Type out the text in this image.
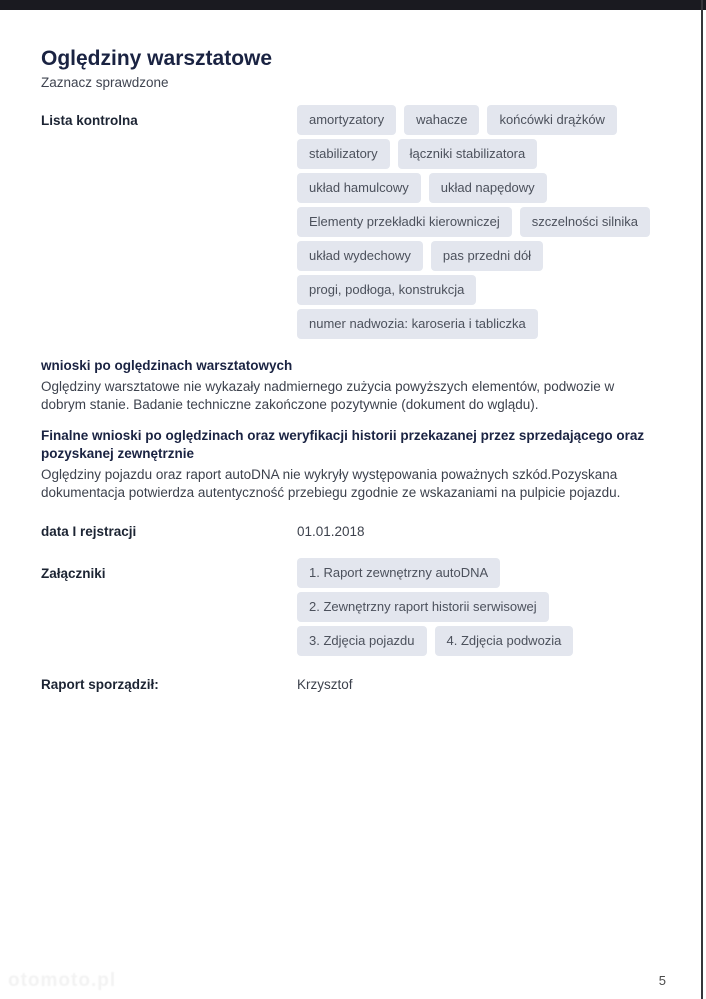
Oględziny warsztatowe
Zaznacz sprawdzone
Lista kontrolna	amortyzatory	wahacze	końcówki drążków
stabilizatory	łączniki stabilizatora
układ hamulcowy	układ napędowy
Elementy przekładki kierowniczej	szczelności silnika
układ wydechowy	pas przedni dół
progi, podłoga, konstrukcja
numer nadwozia: karoseria i tabliczka
wnioski po oględzinach warsztatowych
Oględziny warsztatowe nie wykazały nadmiernego zużycia powyższych elementów, podwozie w dobrym stanie. Badanie techniczne zakończone pozytywnie (dokument do wglądu).
Finalne wnioski po oględzinach oraz weryfikacji historii przekazanej przez sprzedającego oraz pozyskanej zewnętrznie
Oględziny pojazdu oraz raport autoDNA nie wykryły występowania poważnych szkód.Pozyskana dokumentacja potwierdza autentyczność przebiegu zgodnie ze wskazaniami na pulpicie pojazdu.
data I rejstracji	01.01.2018
Załączniki	1. Raport zewnętrzny autoDNA
2. Zewnętrzny raport historii serwisowej
3. Zdjęcia pojazdu	4. Zdjęcia podwozia
Raport sporządził:	Krzysztof
otomoto.pl	5
